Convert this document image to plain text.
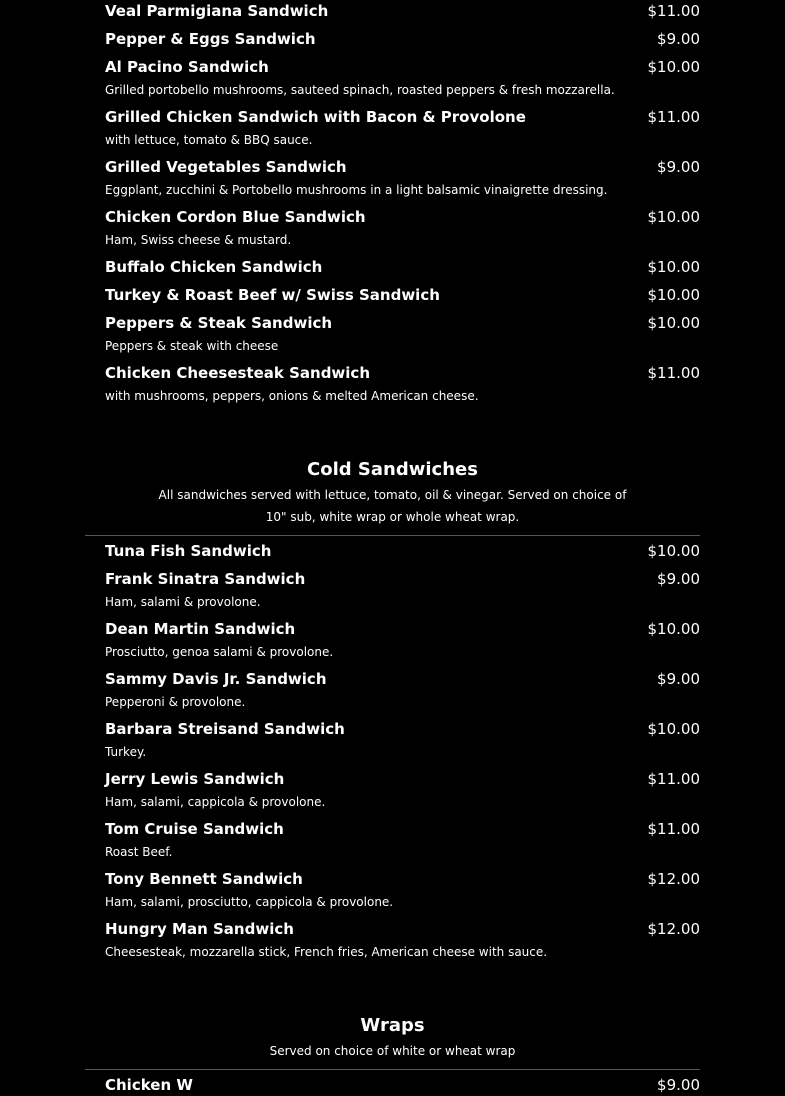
Veal Parmigiana Sandwich	$11.00
Pepper & Eggs Sandwich	$9.00
Al Pacino Sandwich	$10.00
Grilled portobello mushrooms, sauteed spinach, roasted peppers & fresh mozzarella.
Grilled Chicken Sandwich with Bacon & Provolone	$11.00
with lettuce, tomato & BBQ sauce.
Grilled Vegetables Sandwich	$9.00
Eggplant, zucchini & Portobello mushrooms in a light balsamic vinaigrette dressing.
Chicken Cordon Blue Sandwich	$10.00
Ham, Swiss cheese & mustard.
Buffalo Chicken Sandwich	$10.00
Turkey & Roast Beef w/ Swiss Sandwich	$10.00
Peppers & Steak Sandwich	$10.00
Peppers & steak with cheese
Chicken Cheesesteak Sandwich	$11.00
with mushrooms, peppers, onions & melted American cheese.
Cold Sandwiches
All sandwiches served with lettuce, tomato, oil & vinegar. Served on choice of
10" sub, white wrap or whole wheat wrap.
Tuna Fish Sandwich	$10.00
Frank Sinatra Sandwich	$9.00
Ham, salami & provolone.
Dean Martin Sandwich	$10.00
Prosciutto, genoa salami & provolone.
Sammy Davis Jr. Sandwich	$9.00
Pepperoni & provolone.
Barbara Streisand Sandwich	$10.00
Turkey.
Jerry Lewis Sandwich	$11.00
Ham, salami, cappicola & provolone.
Tom Cruise Sandwich	$11.00
Roast Beef.
Tony Bennett Sandwich	$12.00
Ham, salami, prosciutto, cappicola & provolone.
Hungry Man Sandwich	$12.00
Cheesesteak, mozzarella stick, French fries, American cheese with sauce.
Wraps
Served on choice of white or wheat wrap
Chicken W	$9.00
